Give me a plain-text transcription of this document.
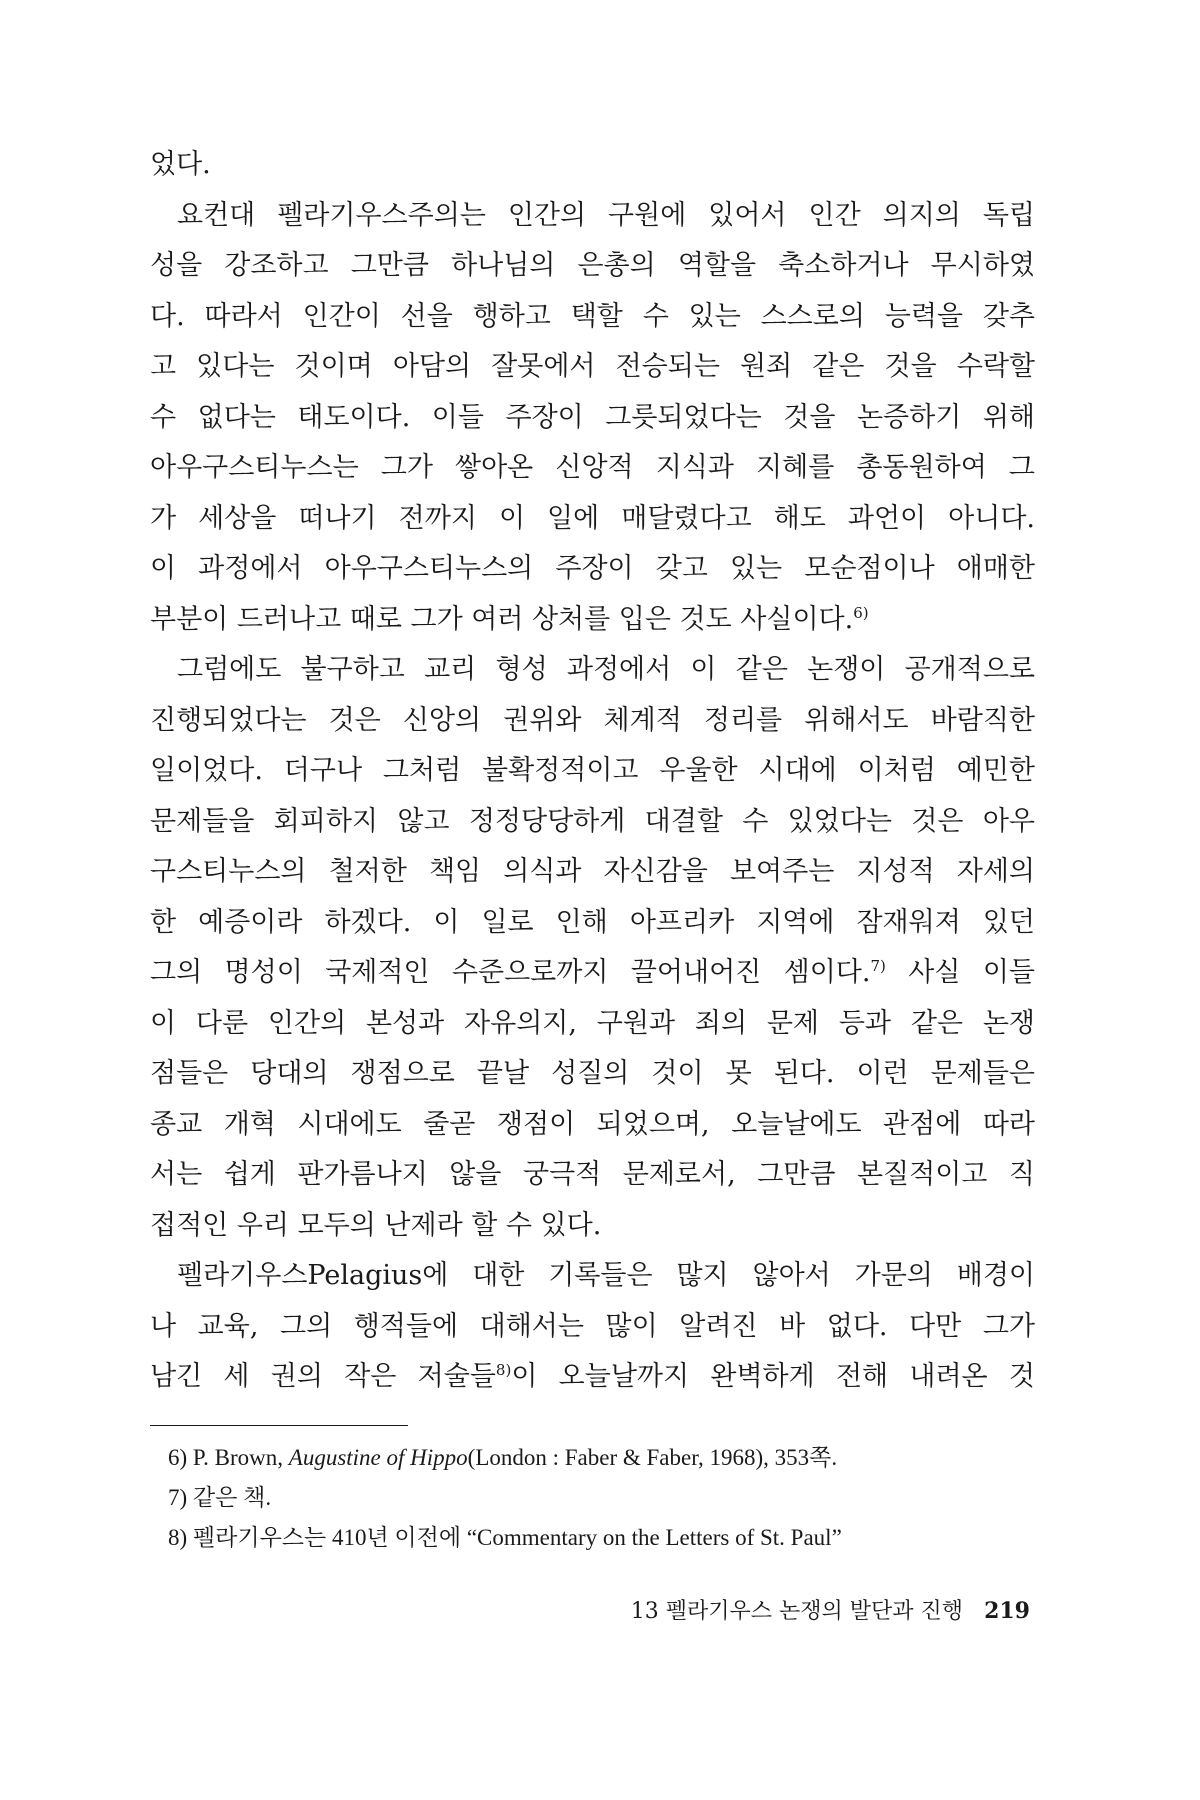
었다.
요컨대 펠라기우스주의는 인간의 구원에 있어서 인간 의지의 독립
성을 강조하고 그만큼 하나님의 은총의 역할을 축소하거나 무시하였
다. 따라서 인간이 선을 행하고 택할 수 있는 스스로의 능력을 갖추
고 있다는 것이며 아담의 잘못에서 전승되는 원죄 같은 것을 수락할
수 없다는 태도이다. 이들 주장이 그릇되었다는 것을 논증하기 위해
아우구스티누스는 그가 쌓아온 신앙적 지식과 지혜를 총동원하여 그
가 세상을 떠나기 전까지 이 일에 매달렸다고 해도 과언이 아니다.
이 과정에서 아우구스티누스의 주장이 갖고 있는 모순점이나 애매한
부분이 드러나고 때로 그가 여러 상처를 입은 것도 사실이다.$^{6)}$
그럼에도 불구하고 교리 형성 과정에서 이 같은 논쟁이 공개적으로
진행되었다는 것은 신앙의 권위와 체계적 정리를 위해서도 바람직한
일이었다. 더구나 그처럼 불확정적이고 우울한 시대에 이처럼 예민한
문제들을 회피하지 않고 정정당당하게 대결할 수 있었다는 것은 아우
구스티누스의 철저한 책임 의식과 자신감을 보여주는 지성적 자세의
한 예증이라 하겠다. 이 일로 인해 아프리카 지역에 잠재워져 있던
그의 명성이 국제적인 수준으로까지 끌어내어진 셈이다.$^{7)}$ 사실 이들
이 다룬 인간의 본성과 자유의지, 구원과 죄의 문제 등과 같은 논쟁
점들은 당대의 쟁점으로 끝날 성질의 것이 못 된다. 이런 문제들은
종교 개혁 시대에도 줄곧 쟁점이 되었으며, 오늘날에도 관점에 따라
서는 쉽게 판가름나지 않을 궁극적 문제로서, 그만큼 본질적이고 직
접적인 우리 모두의 난제라 할 수 있다.
펠라기우스Pelagius에 대한 기록들은 많지 않아서 가문의 배경이
나 교육, 그의 행적들에 대해서는 많이 알려진 바 없다. 다만 그가
남긴 세 권의 작은 저술들$^{8)}$이 오늘날까지 완벽하게 전해 내려온 것
6) P. Brown, Augustine of Hippo(London : Faber & Faber, 1968), 353쪽.
7) 같은 책.
8) 펠라기우스는 410년 이전에 “Commentary on the Letters of St. Paul”
13 펠라기우스 논쟁의 발단과 진행 219
